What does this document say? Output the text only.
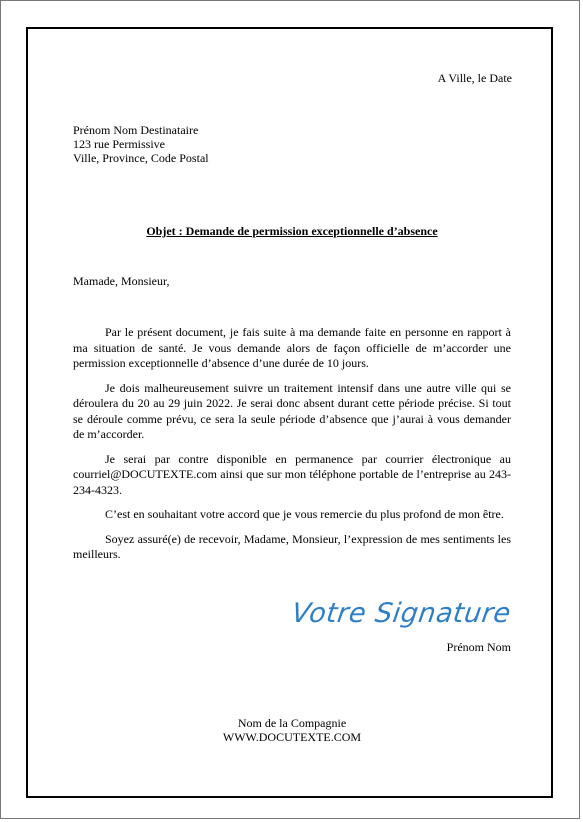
A Ville, le Date
Prénom Nom Destinataire
123 rue Permissive
Ville, Province, Code Postal
Objet : Demande de permission exceptionnelle d’absence
Mamade, Monsieur,

Par le présent document, je fais suite à ma demande faite en personne en rapport à ma situation de santé. Je vous demande alors de façon officielle de m’accorder une permission exceptionnelle d’absence d’une durée de 10 jours.

Je dois malheureusement suivre un traitement intensif dans une autre ville qui se déroulera du 20 au 29 juin 2022. Je serai donc absent durant cette période précise. Si tout se déroule comme prévu, ce sera la seule période d’absence que j’aurai à vous demander de m’accorder.

Je serai par contre disponible en permanence par courrier électronique au courriel@DOCUTEXTE.com ainsi que sur mon téléphone portable de l’entreprise au 243-234-4323.

C’est en souhaitant votre accord que je vous remercie du plus profond de mon être.

Soyez assuré(e) de recevoir, Madame, Monsieur, l’expression de mes sentiments les meilleurs.

Votre Signature
Prénom Nom
Nom de la Compagnie
WWW.DOCUTEXTE.COM
